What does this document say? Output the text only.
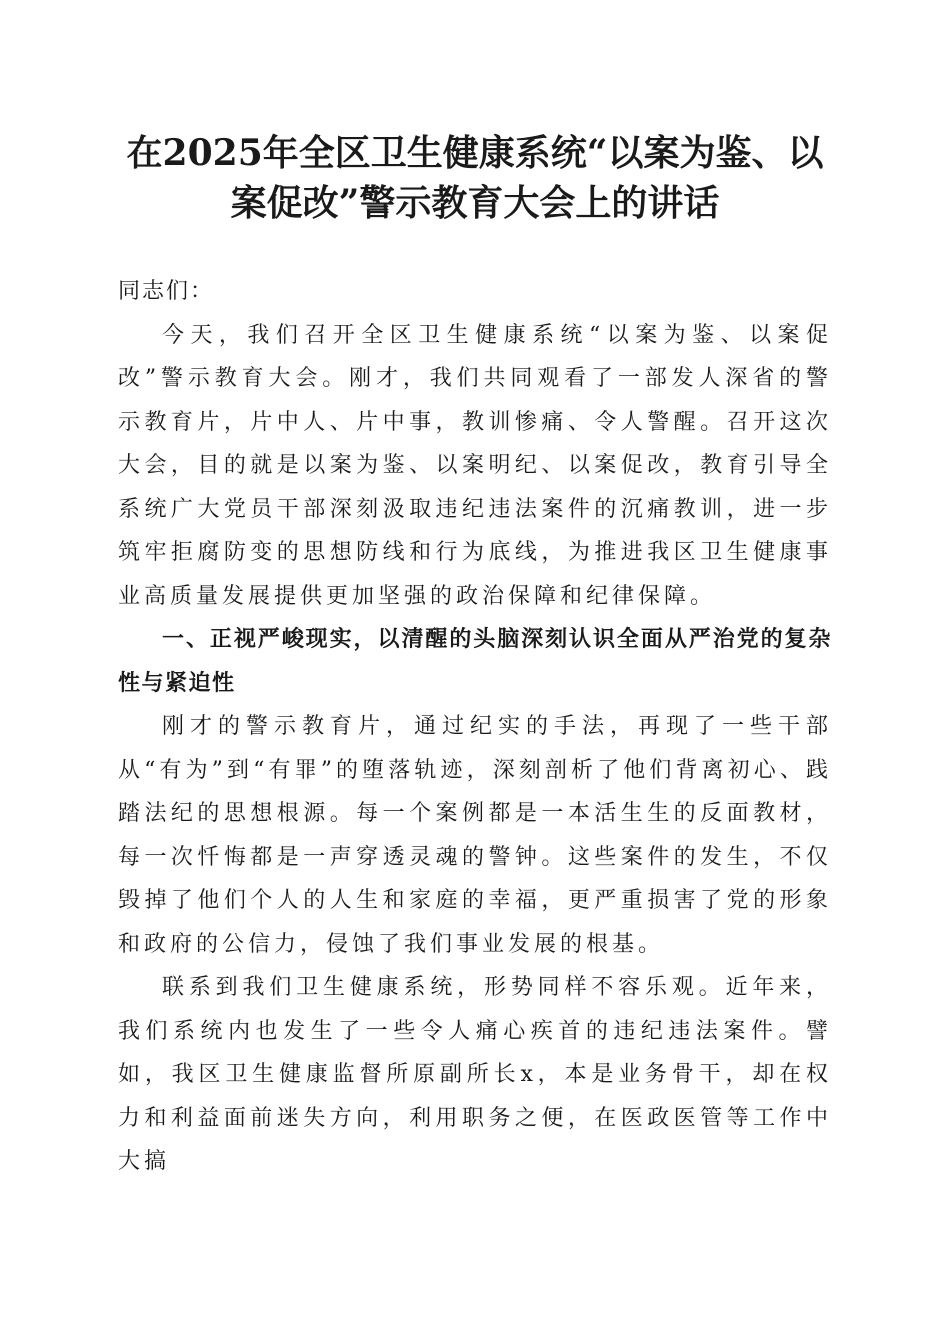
在2025年全区卫生健康系统“以案为鉴、以
案促改”警示教育大会上的讲话

同志们：

今天，我们召开全区卫生健康系统“以案为鉴、以案促改”警示教育大会。刚才，我们共同观看了一部发人深省的警示教育片，片中人、片中事，教训惨痛、令人警醒。召开这次大会，目的就是以案为鉴、以案明纪、以案促改，教育引导全系统广大党员干部深刻汲取违纪违法案件的沉痛教训，进一步筑牢拒腐防变的思想防线和行为底线，为推进我区卫生健康事业高质量发展提供更加坚强的政治保障和纪律保障。

一、正视严峻现实，以清醒的头脑深刻认识全面从严治党的复杂性与紧迫性

刚才的警示教育片，通过纪实的手法，再现了一些干部从“有为”到“有罪”的堕落轨迹，深刻剖析了他们背离初心、践踏法纪的思想根源。每一个案例都是一本活生生的反面教材，每一次忏悔都是一声穿透灵魂的警钟。这些案件的发生，不仅毁掉了他们个人的人生和家庭的幸福，更严重损害了党的形象和政府的公信力，侵蚀了我们事业发展的根基。

联系到我们卫生健康系统，形势同样不容乐观。近年来，我们系统内也发生了一些令人痛心疾首的违纪违法案件。譬如，我区卫生健康监督所原副所长x，本是业务骨干，却在权力和利益面前迷失方向，利用职务之便，在医政医管等工作中大搞
